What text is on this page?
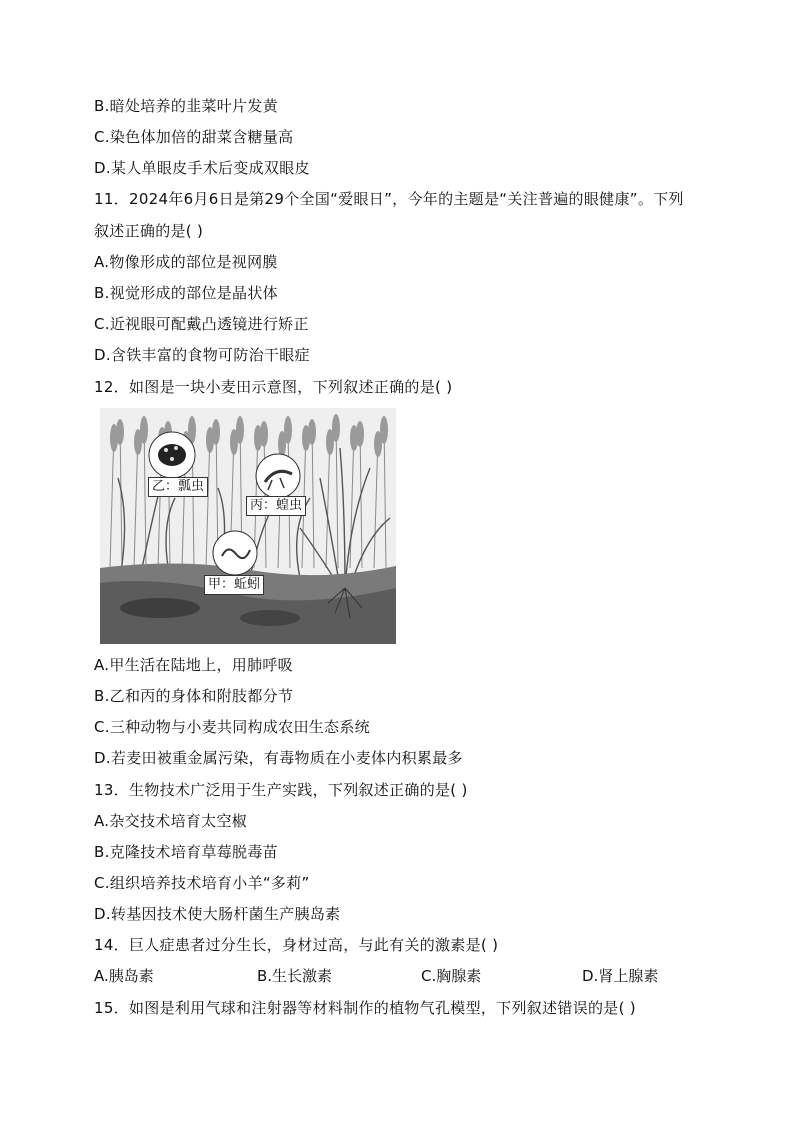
B.暗处培养的韭菜叶片发黄
C.染色体加倍的甜菜含糖量高
D.某人单眼皮手术后变成双眼皮
11．2024年6月6日是第29个全国“爱眼日”，今年的主题是“关注普遍的眼健康”。下列
叙述正确的是( )
A.物像形成的部位是视网膜
B.视觉形成的部位是晶状体
C.近视眼可配戴凸透镜进行矫正
D.含铁丰富的食物可防治干眼症
12．如图是一块小麦田示意图，下列叙述正确的是( )
乙：瓢虫
丙：蝗虫
甲：蚯蚓
A.甲生活在陆地上，用肺呼吸
B.乙和丙的身体和附肢都分节
C.三种动物与小麦共同构成农田生态系统
D.若麦田被重金属污染，有毒物质在小麦体内积累最多
13．生物技术广泛用于生产实践，下列叙述正确的是( )
A.杂交技术培育太空椒
B.克隆技术培育草莓脱毒苗
C.组织培养技术培育小羊“多莉”
D.转基因技术使大肠杆菌生产胰岛素
14．巨人症患者过分生长，身材过高，与此有关的激素是( )
A.胰岛素	B.生长激素	C.胸腺素	D.肾上腺素
15．如图是利用气球和注射器等材料制作的植物气孔模型，下列叙述错误的是( )
